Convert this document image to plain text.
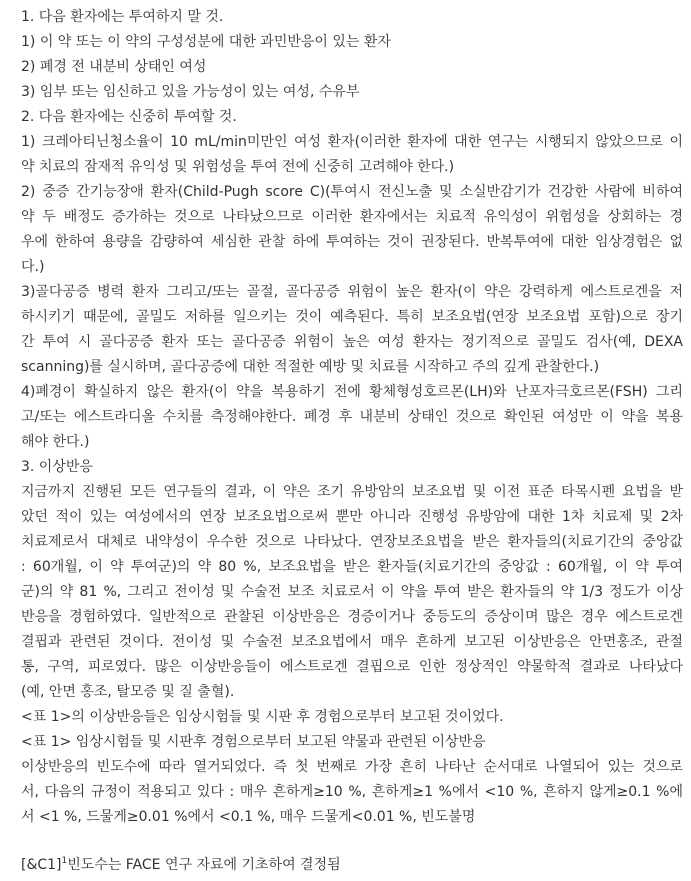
1. 다음 환자에는 투여하지 말 것.

1) 이 약 또는 이 약의 구성성분에 대한 과민반응이 있는 환자

2) 폐경 전 내분비 상태인 여성

3) 임부 또는 임신하고 있을 가능성이 있는 여성, 수유부

2. 다음 환자에는 신중히 투여할 것.

1) 크레아티닌청소율이 10 mL/min미만인 여성 환자(이러한 환자에 대한 연구는 시행되지 않았으므로 이

약 치료의 잠재적 유익성 및 위험성을 투여 전에 신중히 고려해야 한다.)

2) 중증 간기능장애 환자(Child-Pugh score C)(투여시 전신노출 및 소실반감기가 건강한 사람에 비하여

약 두 배정도 증가하는 것으로 나타났으므로 이러한 환자에서는 치료적 유익성이 위험성을 상회하는 경

우에 한하여 용량을 감량하여 세심한 관찰 하에 투여하는 것이 권장된다. 반복투여에 대한 임상경험은 없

다.)

3)골다공증 병력 환자 그리고/또는 골절, 골다공증 위험이 높은 환자(이 약은 강력하게 에스트로겐을 저

하시키기 때문에, 골밀도 저하를 일으키는 것이 예측된다. 특히 보조요법(연장 보조요법 포함)으로 장기

간 투여 시 골다공증 환자 또는 골다공증 위험이 높은 여성 환자는 정기적으로 골밀도 검사(예, DEXA

scanning)를 실시하며, 골다공증에 대한 적절한 예방 및 치료를 시작하고 주의 깊게 관찰한다.)

4)폐경이 확실하지 않은 환자(이 약을 복용하기 전에 황체형성호르몬(LH)와 난포자극호르몬(FSH) 그리

고/또는 에스트라디올 수치를 측정해야한다. 폐경 후 내분비 상태인 것으로 확인된 여성만 이 약을 복용

해야 한다.)

3. 이상반응

지금까지 진행된 모든 연구들의 결과, 이 약은 조기 유방암의 보조요법 및 이전 표준 타목시펜 요법을 받

았던 적이 있는 여성에서의 연장 보조요법으로써 뿐만 아니라 진행성 유방암에 대한 1차 치료제 및 2차

치료제로서 대체로 내약성이 우수한 것으로 나타났다. 연장보조요법을 받은 환자들의(치료기간의 중앙값

: 60개월, 이 약 투여군)의 약 80 %, 보조요법을 받은 환자들(치료기간의 중앙값 : 60개월, 이 약 투여

군)의 약 81 %, 그리고 전이성 및 수술전 보조 치료로서 이 약을 투여 받은 환자들의 약 1/3 정도가 이상

반응을 경험하였다. 일반적으로 관찰된 이상반응은 경증이거나 중등도의 증상이며 많은 경우 에스트로겐

결핍과 관련된 것이다. 전이성 및 수술전 보조요법에서 매우 흔하게 보고된 이상반응은 안면홍조, 관절

통, 구역, 피로였다. 많은 이상반응들이 에스트로겐 결핍으로 인한 정상적인 약물학적 결과로 나타났다

(예, 안면 홍조, 탈모증 및 질 출혈).

<표 1>의 이상반응들은 임상시험들 및 시판 후 경험으로부터 보고된 것이었다.

<표 1> 임상시험들 및 시판후 경험으로부터 보고된 약물과 관련된 이상반응

이상반응의 빈도수에 따라 열거되었다. 즉 첫 번째로 가장 흔히 나타난 순서대로 나열되어 있는 것으로

서, 다음의 규정이 적용되고 있다 : 매우 흔하게≥10 %, 흔하게≥1 %에서 <10 %, 흔하지 않게≥0.1 %에

서 <1 %, 드물게≥0.01 %에서 <0.1 %, 매우 드물게<0.01 %, 빈도불명

[&C1]$^1$빈도수는 FACE 연구 자료에 기초하여 결정됨
